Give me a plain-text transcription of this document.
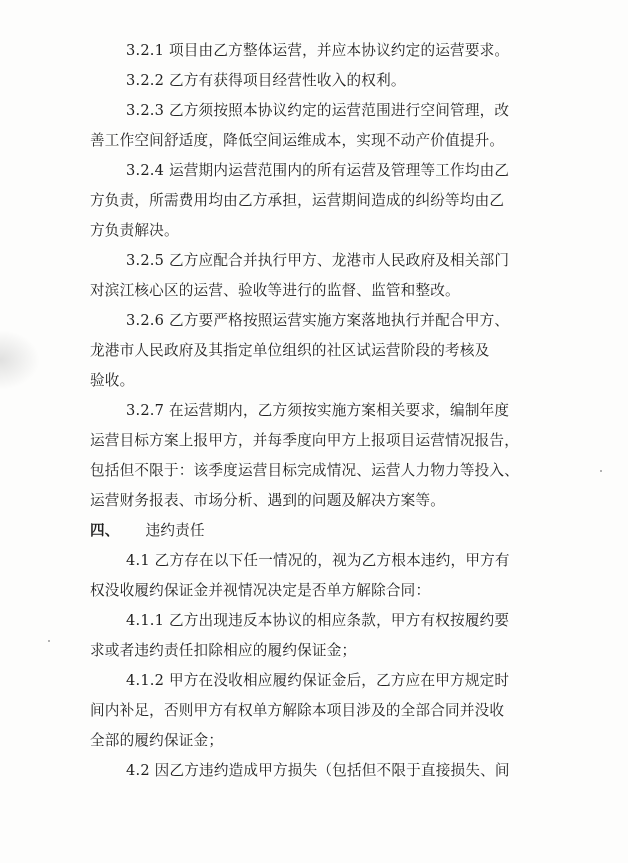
3.2.1 项目由乙方整体运营，并应本协议约定的运营要求。
3.2.2 乙方有获得项目经营性收入的权利。
3.2.3 乙方须按照本协议约定的运营范围进行空间管理，改
善工作空间舒适度，降低空间运维成本，实现不动产价值提升。
3.2.4 运营期内运营范围内的所有运营及管理等工作均由乙
方负责，所需费用均由乙方承担，运营期间造成的纠纷等均由乙
方负责解决。
3.2.5 乙方应配合并执行甲方、龙港市人民政府及相关部门
对滨江核心区的运营、验收等进行的监督、监管和整改。
3.2.6 乙方要严格按照运营实施方案落地执行并配合甲方、
龙港市人民政府及其指定单位组织的社区试运营阶段的考核及
验收。
3.2.7 在运营期内，乙方须按实施方案相关要求，编制年度
运营目标方案上报甲方，并每季度向甲方上报项目运营情况报告，
包括但不限于：该季度运营目标完成情况、运营人力物力等投入、
运营财务报表、市场分析、遇到的问题及解决方案等。
四、 违约责任
4.1 乙方存在以下任一情况的，视为乙方根本违约，甲方有
权没收履约保证金并视情况决定是否单方解除合同：
4.1.1 乙方出现违反本协议的相应条款，甲方有权按履约要
求或者违约责任扣除相应的履约保证金；
4.1.2 甲方在没收相应履约保证金后，乙方应在甲方规定时
间内补足，否则甲方有权单方解除本项目涉及的全部合同并没收
全部的履约保证金；
4.2 因乙方违约造成甲方损失（包括但不限于直接损失、间
